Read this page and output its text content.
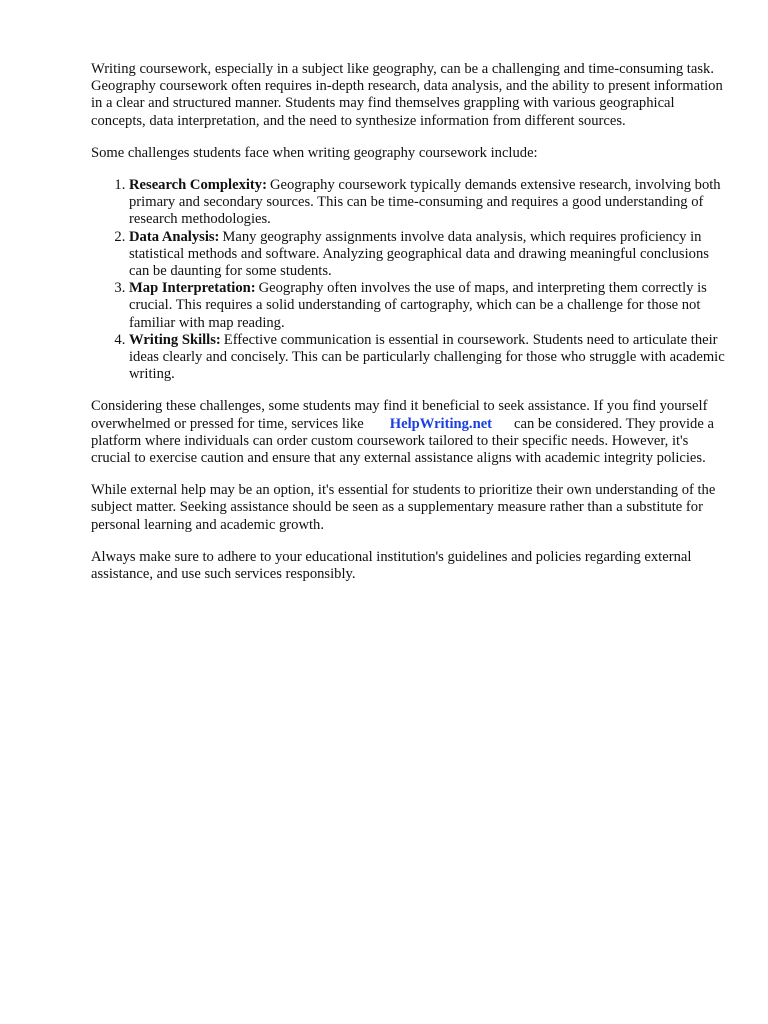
Writing coursework, especially in a subject like geography, can be a challenging and time-consuming task. Geography coursework often requires in-depth research, data analysis, and the ability to present information in a clear and structured manner. Students may find themselves grappling with various geographical concepts, data interpretation, and the need to synthesize information from different sources.

Some challenges students face when writing geography coursework include:

1. Research Complexity: Geography coursework typically demands extensive research, involving both primary and secondary sources. This can be time-consuming and requires a good understanding of research methodologies.
2. Data Analysis: Many geography assignments involve data analysis, which requires proficiency in statistical methods and software. Analyzing geographical data and drawing meaningful conclusions can be daunting for some students.
3. Map Interpretation: Geography often involves the use of maps, and interpreting them correctly is crucial. This requires a solid understanding of cartography, which can be a challenge for those not familiar with map reading.
4. Writing Skills: Effective communication is essential in coursework. Students need to articulate their ideas clearly and concisely. This can be particularly challenging for those who struggle with academic writing.

Considering these challenges, some students may find it beneficial to seek assistance. If you find yourself overwhelmed or pressed for time, services like HelpWriting.net can be considered. They provide a platform where individuals can order custom coursework tailored to their specific needs. However, it's crucial to exercise caution and ensure that any external assistance aligns with academic integrity policies.

While external help may be an option, it's essential for students to prioritize their own understanding of the subject matter. Seeking assistance should be seen as a supplementary measure rather than a substitute for personal learning and academic growth.

Always make sure to adhere to your educational institution's guidelines and policies regarding external assistance, and use such services responsibly.
